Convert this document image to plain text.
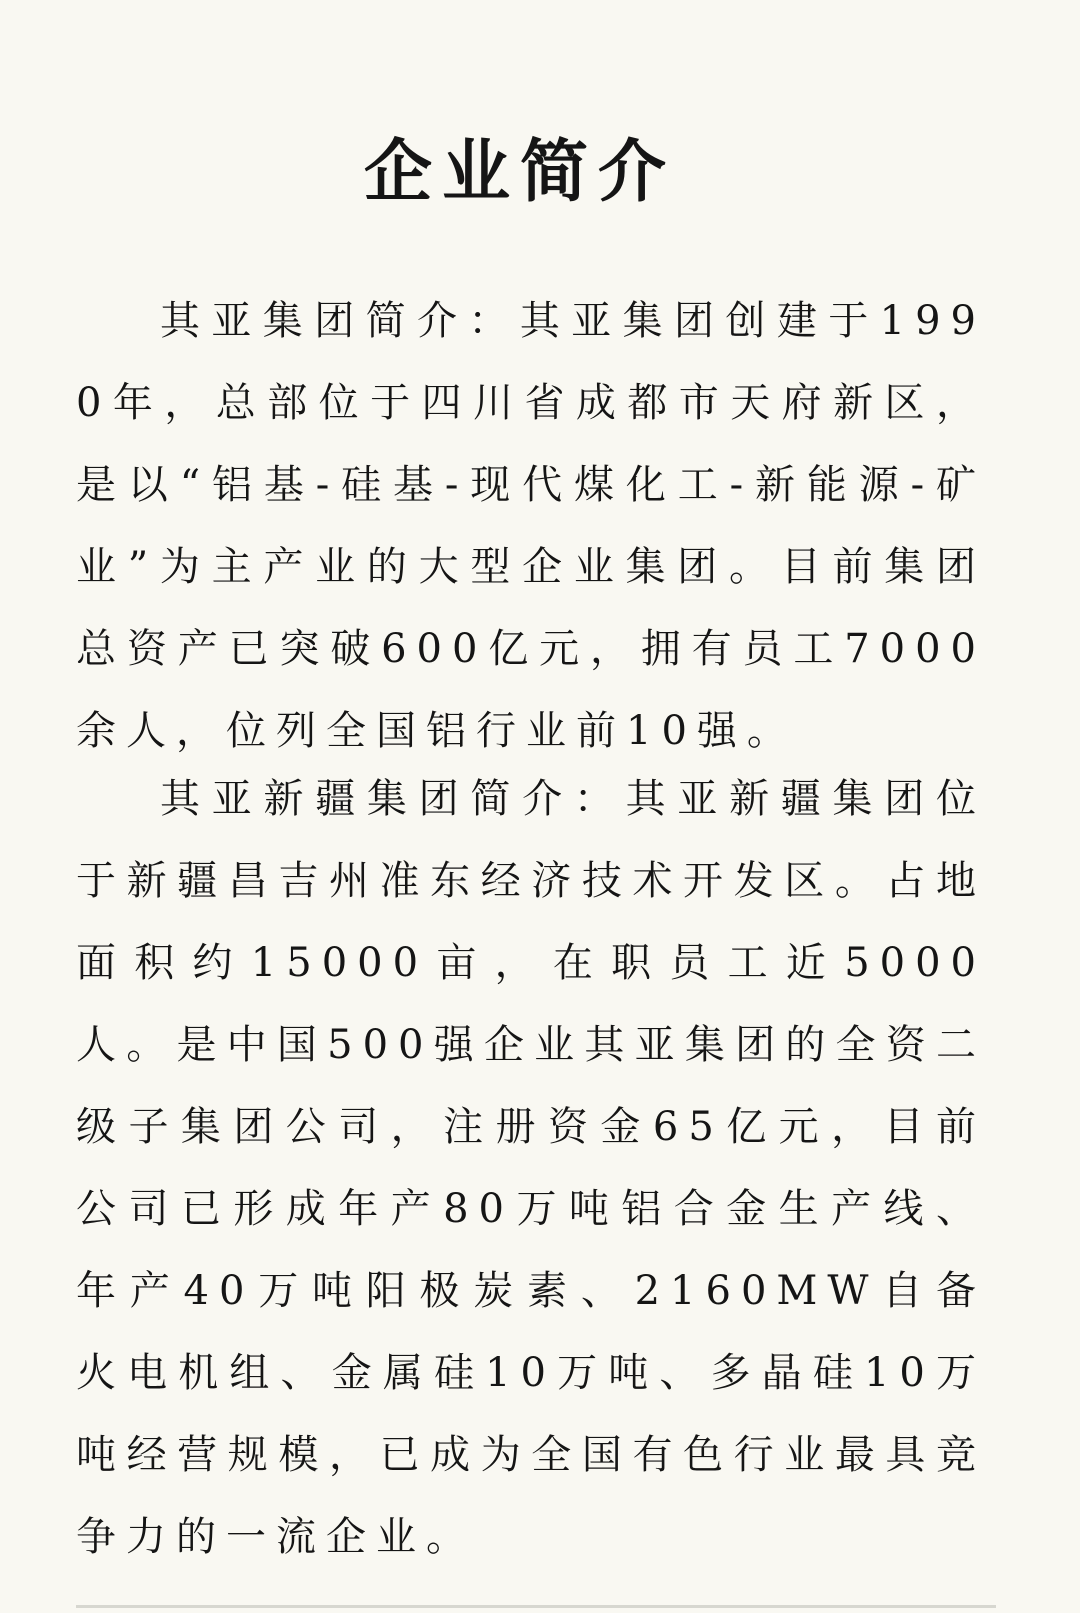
企业简介

其亚集团简介：其亚集团创建于1990年，总部位于四川省成都市天府新区，是以“铝基-硅基-现代煤化工-新能源-矿业”为主产业的大型企业集团。目前集团总资产已突破600亿元，拥有员工7000余人，位列全国铝行业前10强。

其亚新疆集团简介：其亚新疆集团位于新疆昌吉州准东经济技术开发区。占地面积约15000亩，在职员工近5000人。是中国500强企业其亚集团的全资二级子集团公司，注册资金65亿元，目前公司已形成年产80万吨铝合金生产线、年产40万吨阳极炭素、2160MW自备火电机组、金属硅10万吨、多晶硅10万吨经营规模，已成为全国有色行业最具竞争力的一流企业。
